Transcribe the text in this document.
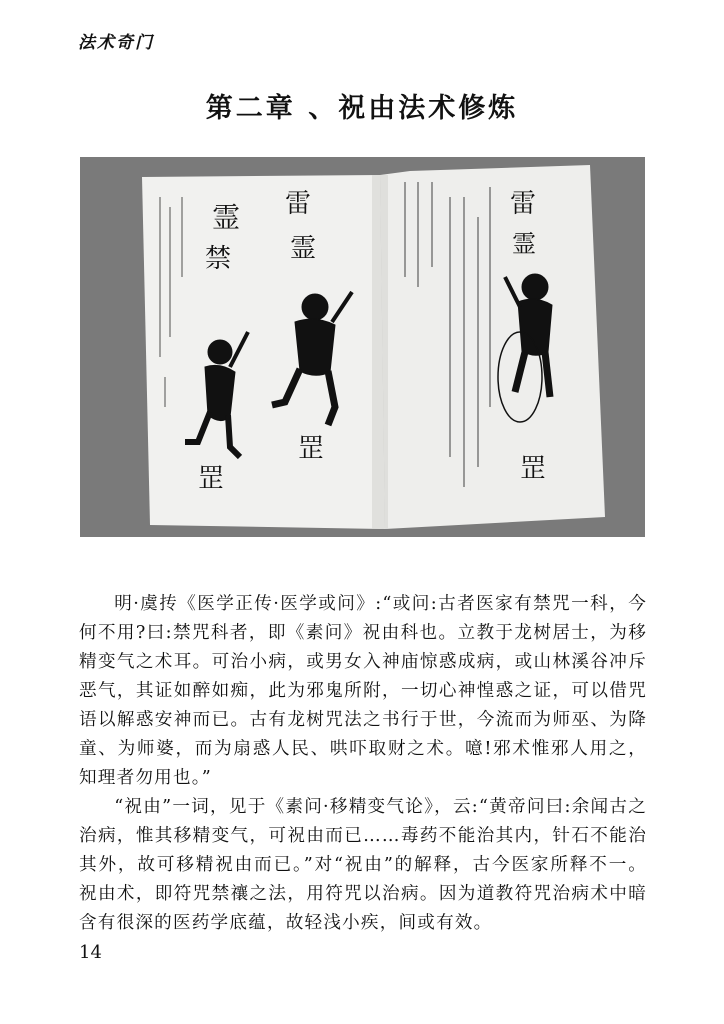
法术奇门
第二章 、祝由法术修炼
霊
禁
罡
雷
霊
罡
雷
霊
罡

明·虞抟《医学正传·医学或问》:“或问:古者医家有禁咒一科，今何不用?曰:禁咒科者，即《素问》祝由科也。立教于龙树居士，为移精变气之术耳。可治小病，或男女入神庙惊惑成病，或山林溪谷冲斥恶气，其证如醉如痴，此为邪鬼所附，一切心神惶惑之证，可以借咒语以解惑安神而已。古有龙树咒法之书行于世，今流而为师巫、为降童、为师婆，而为扇惑人民、哄吓取财之术。噫!邪术惟邪人用之，知理者勿用也。”

“祝由”一词，见于《素问·移精变气论》，云:“黄帝问曰:余闻古之治病，惟其移精变气，可祝由而已……毒药不能治其内，针石不能治其外，故可移精祝由而已。”对“祝由”的解释，古今医家所释不一。 祝由术，即符咒禁禳之法，用符咒以治病。因为道教符咒治病术中暗含有很深的医药学底蕴，故轻浅小疾，间或有效。

14
